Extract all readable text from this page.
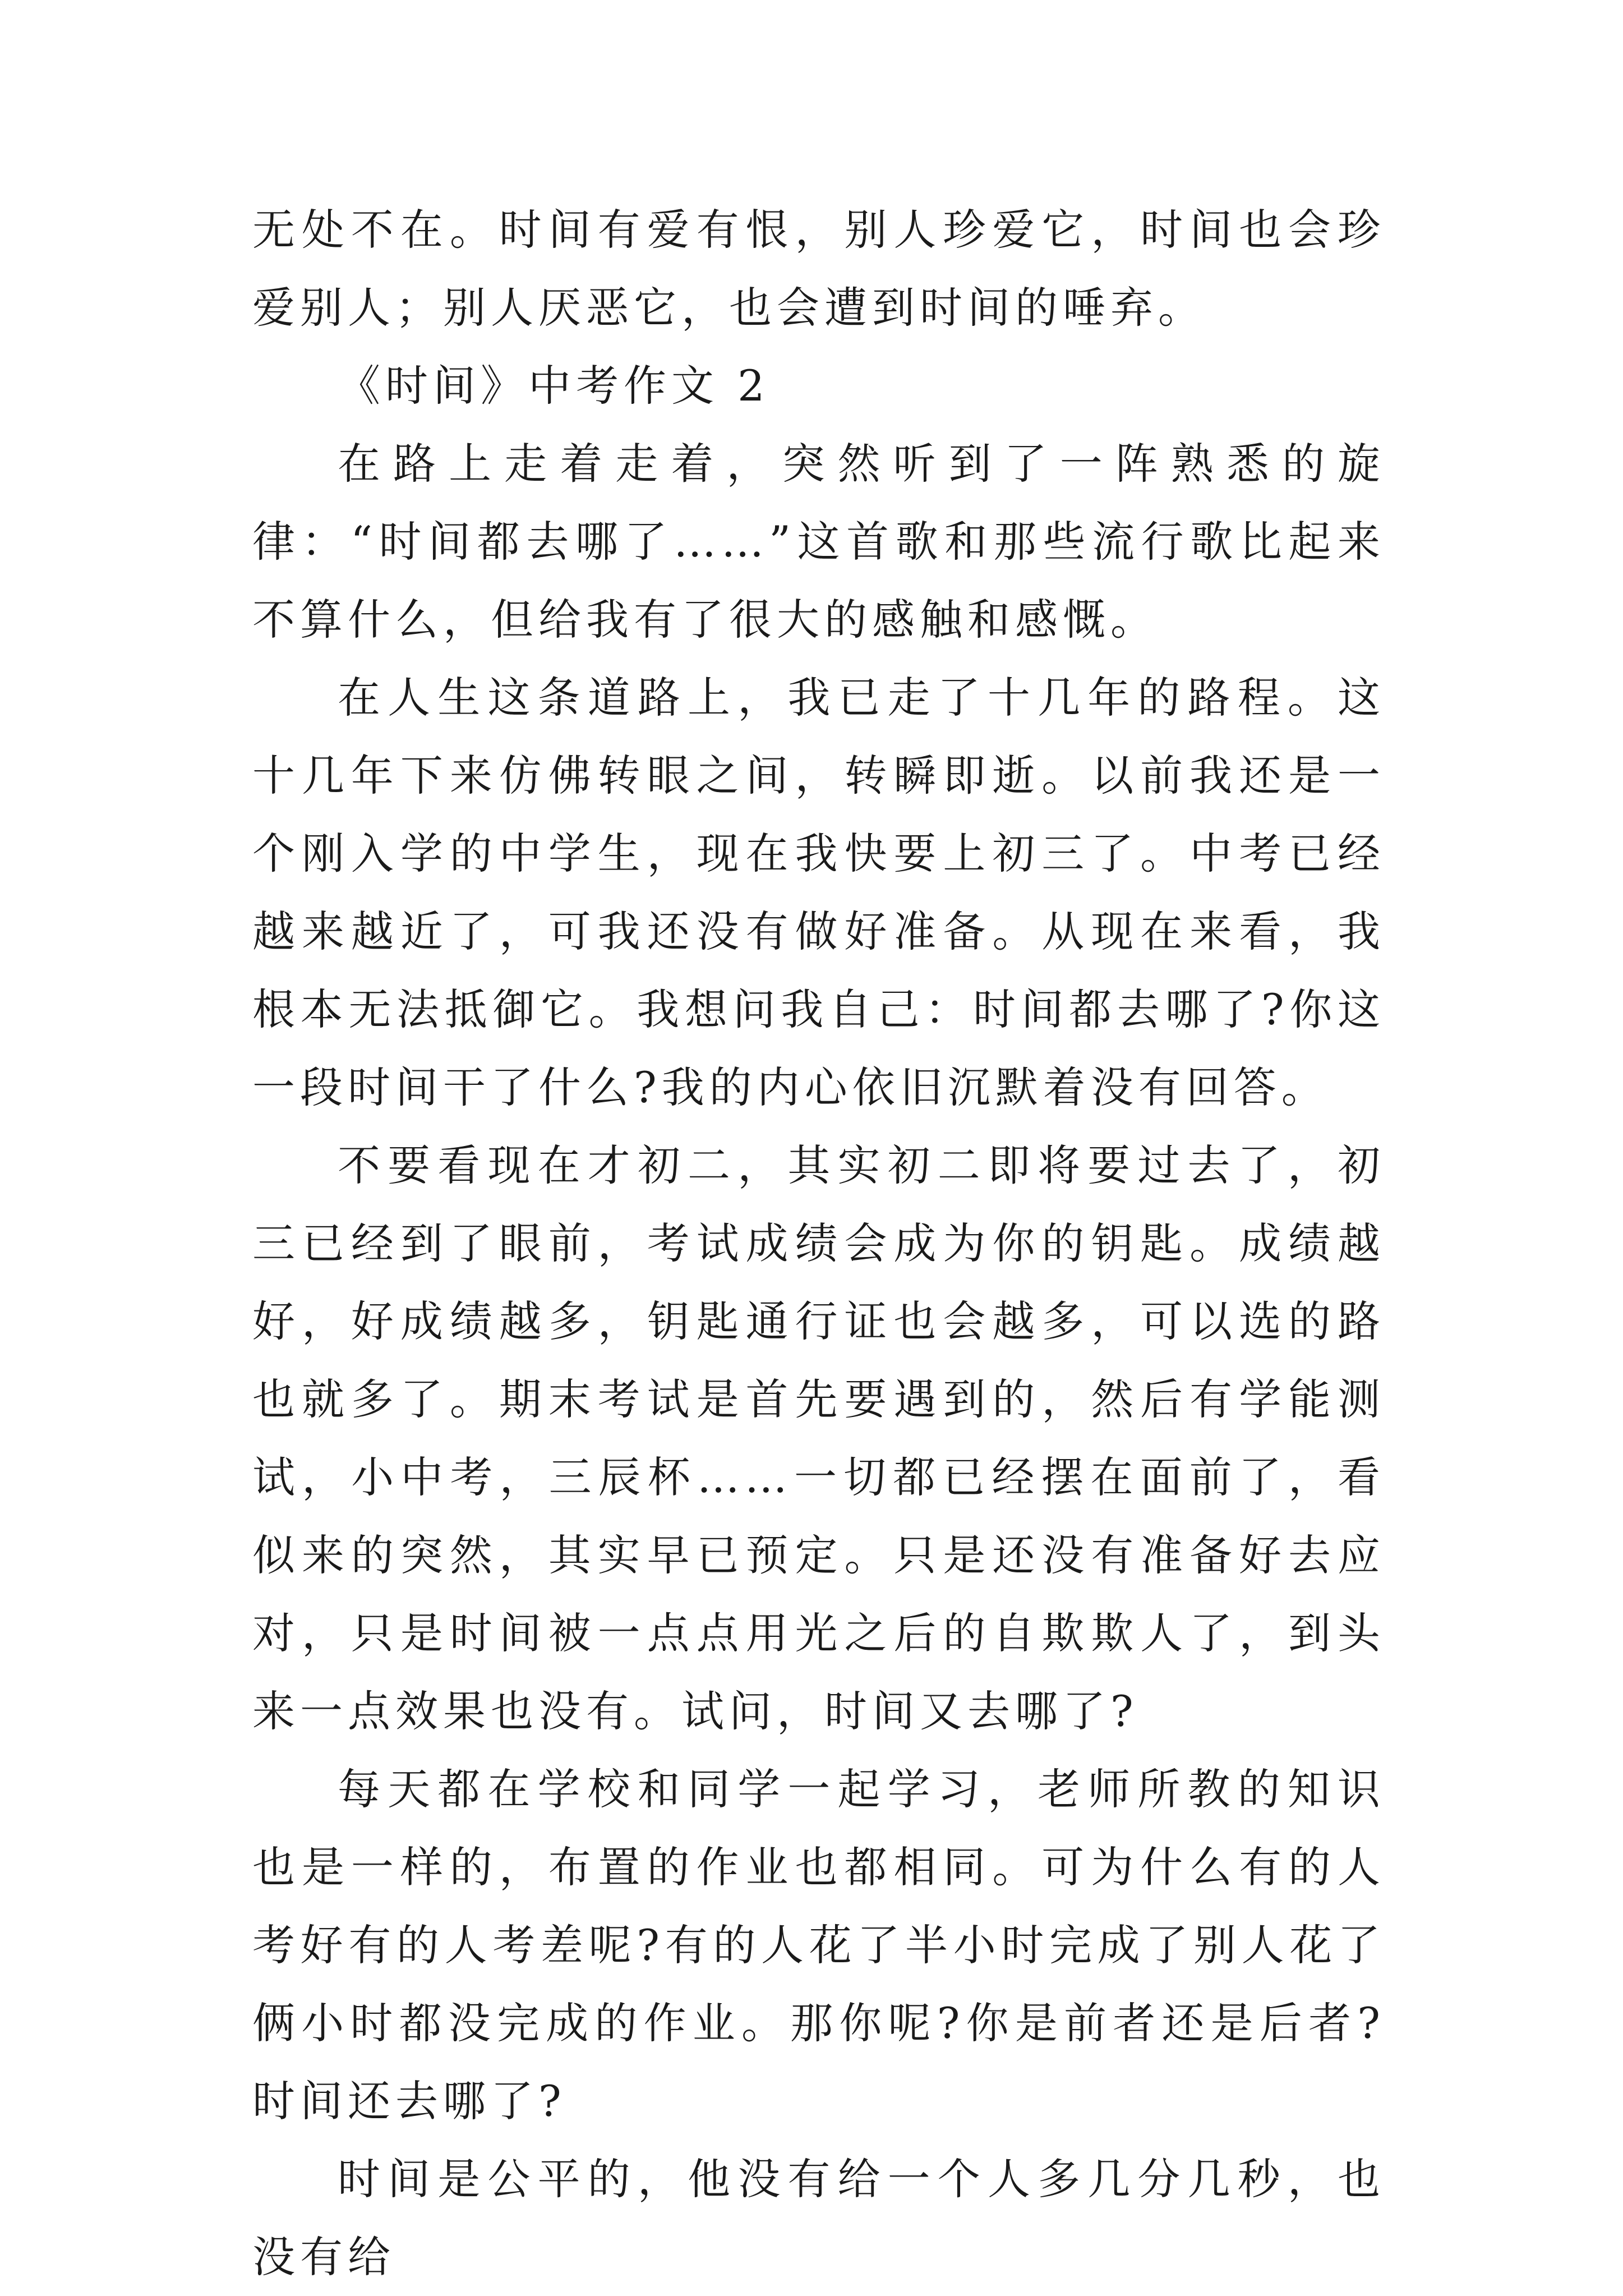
无处不在。时间有爱有恨，别人珍爱它，时间也会珍爱别人；别人厌恶它，也会遭到时间的唾弃。

《时间》中考作文 2

在路上走着走着，突然听到了一阵熟悉的旋律：“时间都去哪了……”这首歌和那些流行歌比起来不算什么，但给我有了很大的感触和感慨。

在人生这条道路上，我已走了十几年的路程。这十几年下来仿佛转眼之间，转瞬即逝。以前我还是一个刚入学的中学生，现在我快要上初三了。中考已经越来越近了，可我还没有做好准备。从现在来看，我根本无法抵御它。我想问我自己：时间都去哪了?你这一段时间干了什么?我的内心依旧沉默着没有回答。

不要看现在才初二，其实初二即将要过去了，初三已经到了眼前，考试成绩会成为你的钥匙。成绩越好，好成绩越多，钥匙通行证也会越多，可以选的路也就多了。期末考试是首先要遇到的，然后有学能测试，小中考，三辰杯……一切都已经摆在面前了，看似来的突然，其实早已预定。只是还没有准备好去应对，只是时间被一点点用光之后的自欺欺人了，到头来一点效果也没有。试问，时间又去哪了?

每天都在学校和同学一起学习，老师所教的知识也是一样的，布置的作业也都相同。可为什么有的人考好有的人考差呢?有的人花了半小时完成了别人花了俩小时都没完成的作业。那你呢?你是前者还是后者?时间还去哪了?

时间是公平的，他没有给一个人多几分几秒，也没有给
